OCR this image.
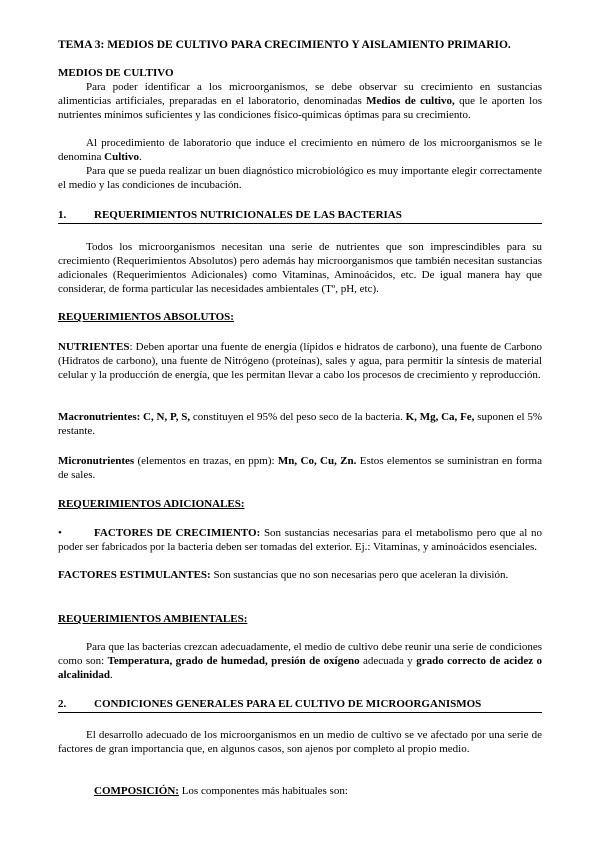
TEMA 3: MEDIOS DE CULTIVO PARA CRECIMIENTO Y AISLAMIENTO PRIMARIO.
MEDIOS DE CULTIVO

Para poder identificar a los microorganismos, se debe observar su crecimiento en sustancias alimenticias artificiales, preparadas en el laboratorio, denominadas Medios de cultivo, que le aporten los nutrientes mínimos suficientes y las condiciones físico-químicas óptimas para su crecimiento.

Al procedimiento de laboratorio que induce el crecimiento en número de los microorganismos se le denomina Cultivo.

Para que se pueda realizar un buen diagnóstico microbiológico es muy importante elegir correctamente el medio y las condiciones de incubación.

1.	REQUERIMIENTOS NUTRICIONALES DE LAS BACTERIAS

Todos los microorganismos necesitan una serie de nutrientes que son imprescindibles para su crecimiento (Requerimientos Absolutos) pero además hay microorganismos que también necesitan sustancias adicionales (Requerimientos Adicionales) como Vitaminas, Aminoácidos, etc. De igual manera hay que considerar, de forma particular las necesidades ambientales (Tº, pH, etc).

REQUERIMIENTOS ABSOLUTOS:

NUTRIENTES: Deben aportar una fuente de energía (lípidos e hidratos de carbono), una fuente de Carbono (Hidratos de carbono), una fuente de Nitrógeno (proteínas), sales y agua, para permitir la síntesis de material celular y la producción de energía, que les permitan llevar a cabo los procesos de crecimiento y reproducción.

Macronutrientes: C, N, P, S, constituyen el 95% del peso seco de la bacteria. K, Mg, Ca, Fe, suponen el 5% restante.

Micronutrientes (elementos en trazas, en ppm): Mn, Co, Cu, Zn. Estos elementos se suministran en forma de sales.

REQUERIMIENTOS ADICIONALES:

•	FACTORES DE CRECIMIENTO: Son sustancias necesarias para el metabolismo pero que al no poder ser fabricados por la bacteria deben ser tomadas del exterior. Ej.: Vitaminas, y aminoácidos esenciales.

FACTORES ESTIMULANTES: Son sustancias que no son necesarias pero que aceleran la división.

REQUERIMIENTOS AMBIENTALES:

Para que las bacterias crezcan adecuadamente, el medio de cultivo debe reunir una serie de condiciones como son: Temperatura, grado de humedad, presión de oxígeno adecuada y grado correcto de acidez o alcalinidad.

2.	CONDICIONES GENERALES PARA EL CULTIVO DE MICROORGANISMOS

El desarrollo adecuado de los microorganismos en un medio de cultivo se ve afectado por una serie de factores de gran importancia que, en algunos casos, son ajenos por completo al propio medio.

COMPOSICIÓN: Los componentes más habituales son:
